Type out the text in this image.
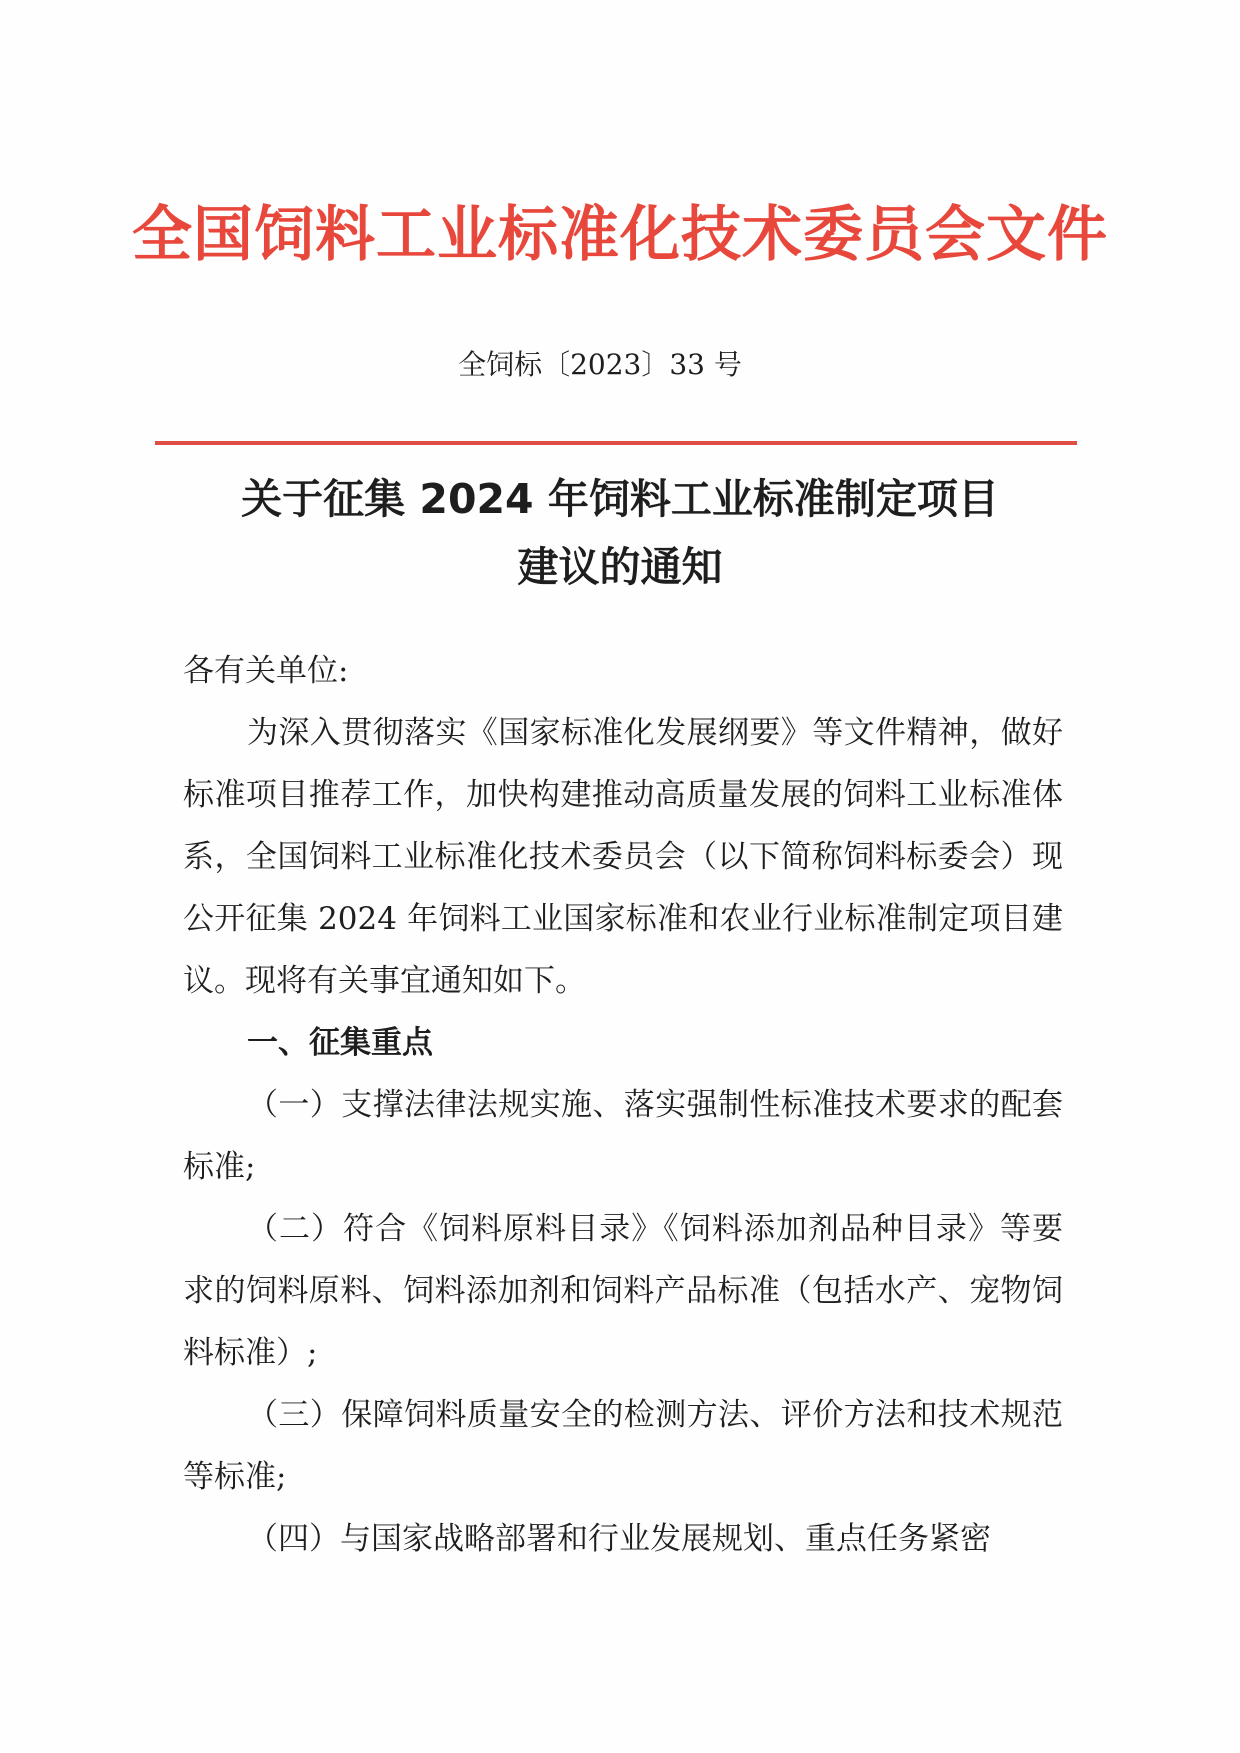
全国饲料工业标准化技术委员会文件
全饲标〔2023〕33 号
关于征集 2024 年饲料工业标准制定项目
建议的通知

各有关单位:

为深入贯彻落实《国家标准化发展纲要》等文件精神，做好标准项目推荐工作，加快构建推动高质量发展的饲料工业标准体系，全国饲料工业标准化技术委员会（以下简称饲料标委会）现公开征集 2024 年饲料工业国家标准和农业行业标准制定项目建议。现将有关事宜通知如下。

一、征集重点

（一）支撑法律法规实施、落实强制性标准技术要求的配套标准;

（二）符合《饲料原料目录》《饲料添加剂品种目录》等要求的饲料原料、饲料添加剂和饲料产品标准（包括水产、宠物饲料标准）;

（三）保障饲料质量安全的检测方法、评价方法和技术规范等标准;

（四）与国家战略部署和行业发展规划、重点任务紧密
